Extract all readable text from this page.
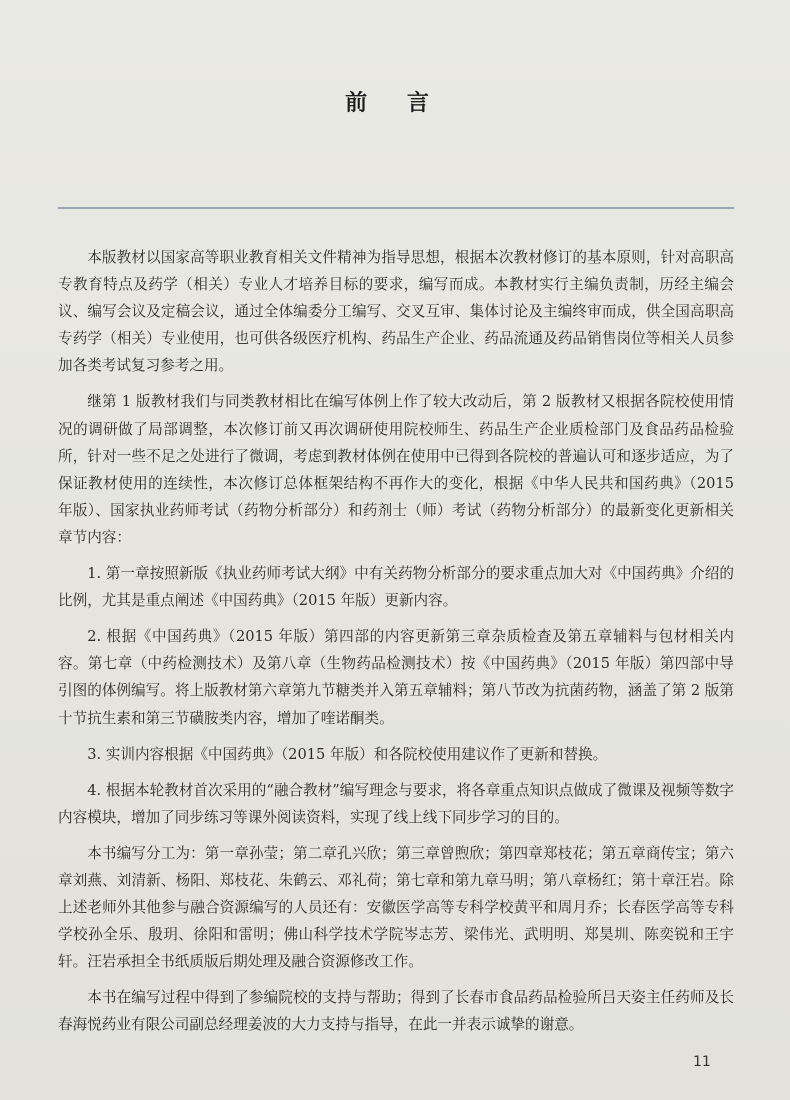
前 言

本版教材以国家高等职业教育相关文件精神为指导思想，根据本次教材修订的基本原则，针对高职高专教育特点及药学（相关）专业人才培养目标的要求，编写而成。本教材实行主编负责制，历经主编会议、编写会议及定稿会议，通过全体编委分工编写、交叉互审、集体讨论及主编终审而成，供全国高职高专药学（相关）专业使用，也可供各级医疗机构、药品生产企业、药品流通及药品销售岗位等相关人员参加各类考试复习参考之用。

继第 1 版教材我们与同类教材相比在编写体例上作了较大改动后，第 2 版教材又根据各院校使用情况的调研做了局部调整，本次修订前又再次调研使用院校师生、药品生产企业质检部门及食品药品检验所，针对一些不足之处进行了微调，考虑到教材体例在使用中已得到各院校的普遍认可和逐步适应，为了保证教材使用的连续性，本次修订总体框架结构不再作大的变化，根据《中华人民共和国药典》（2015 年版）、国家执业药师考试（药物分析部分）和药剂士（师）考试（药物分析部分）的最新变化更新相关章节内容：

1. 第一章按照新版《执业药师考试大纲》中有关药物分析部分的要求重点加大对《中国药典》介绍的比例，尤其是重点阐述《中国药典》（2015 年版）更新内容。

2. 根据《中国药典》（2015 年版）第四部的内容更新第三章杂质检查及第五章辅料与包材相关内容。第七章（中药检测技术）及第八章（生物药品检测技术）按《中国药典》（2015 年版）第四部中导引图的体例编写。将上版教材第六章第九节糖类并入第五章辅料；第八节改为抗菌药物，涵盖了第 2 版第十节抗生素和第三节磺胺类内容，增加了喹诺酮类。

3. 实训内容根据《中国药典》（2015 年版）和各院校使用建议作了更新和替换。

4. 根据本轮教材首次采用的“融合教材”编写理念与要求，将各章重点知识点做成了微课及视频等数字内容模块，增加了同步练习等课外阅读资料，实现了线上线下同步学习的目的。

本书编写分工为：第一章孙莹；第二章孔兴欣；第三章曾煦欣；第四章郑枝花；第五章商传宝；第六章刘燕、刘清新、杨阳、郑枝花、朱鹤云、邓礼荷；第七章和第九章马明；第八章杨红；第十章汪岩。除上述老师外其他参与融合资源编写的人员还有：安徽医学高等专科学校黄平和周月乔；长春医学高等专科学校孙全乐、殷玥、徐阳和雷明；佛山科学技术学院岑志芳、梁伟光、武明明、郑昊圳、陈奕锐和王宇轩。汪岩承担全书纸质版后期处理及融合资源修改工作。

本书在编写过程中得到了参编院校的支持与帮助；得到了长春市食品药品检验所吕天姿主任药师及长春海悦药业有限公司副总经理姜波的大力支持与指导，在此一并表示诚挚的谢意。

11
